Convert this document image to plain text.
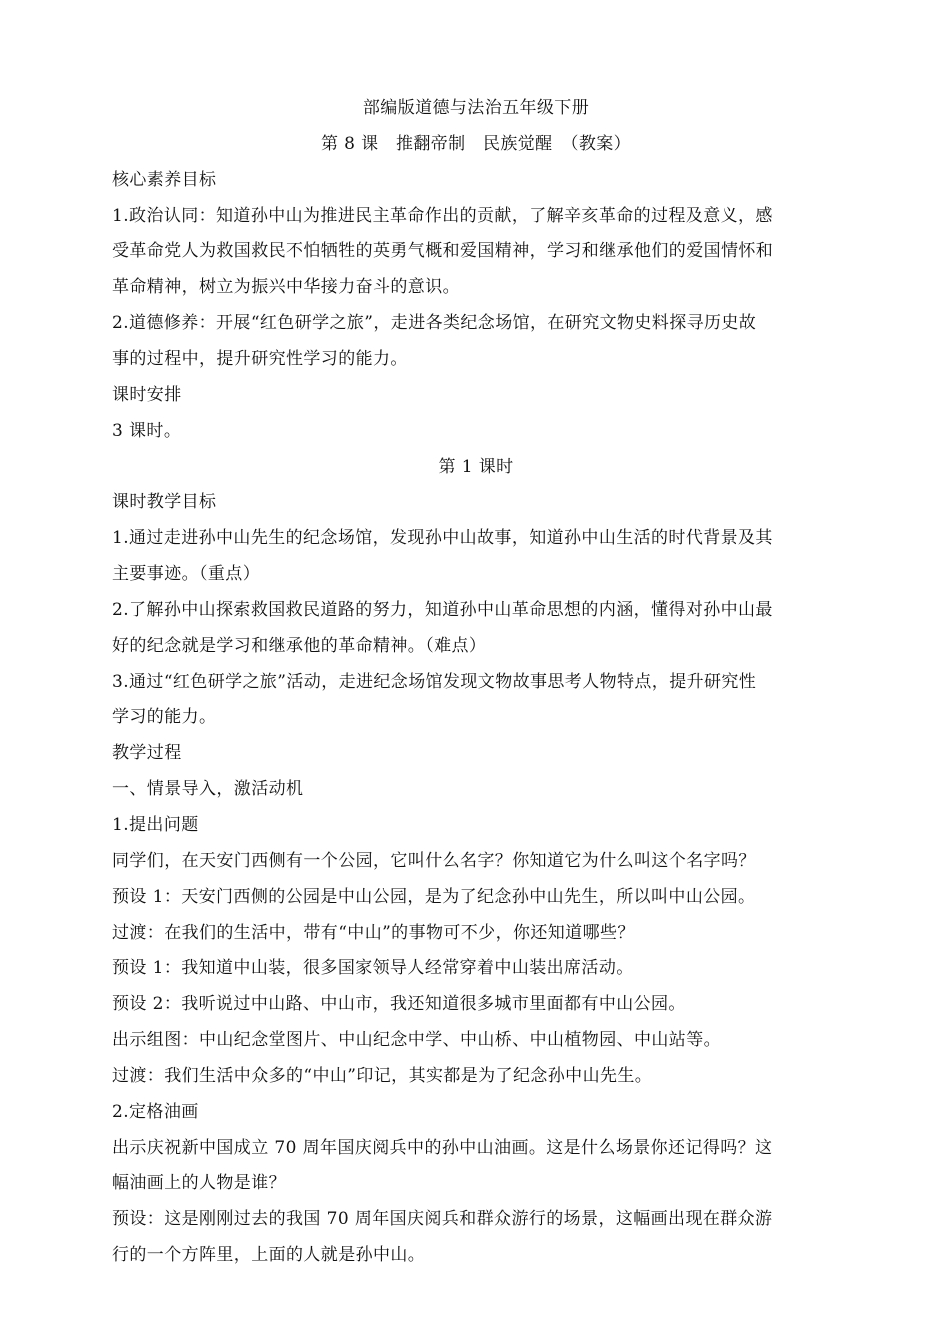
部编版道德与法治五年级下册

第 8 课　推翻帝制　民族觉醒　（教案）

核心素养目标

1.政治认同：知道孙中山为推进民主革命作出的贡献，了解辛亥革命的过程及意义，感

受革命党人为救国救民不怕牺牲的英勇气概和爱国精神，学习和继承他们的爱国情怀和

革命精神，树立为振兴中华接力奋斗的意识。

2.道德修养：开展“红色研学之旅”，走进各类纪念场馆，在研究文物史料探寻历史故

事的过程中，提升研究性学习的能力。

课时安排

3 课时。

第 1 课时

课时教学目标

1.通过走进孙中山先生的纪念场馆，发现孙中山故事，知道孙中山生活的时代背景及其

主要事迹。（重点）

2.了解孙中山探索救国救民道路的努力，知道孙中山革命思想的内涵，懂得对孙中山最

好的纪念就是学习和继承他的革命精神。（难点）

3.通过“红色研学之旅”活动，走进纪念场馆发现文物故事思考人物特点，提升研究性

学习的能力。

教学过程

一、情景导入，激活动机

1.提出问题

同学们，在天安门西侧有一个公园，它叫什么名字？你知道它为什么叫这个名字吗？

预设 1：天安门西侧的公园是中山公园，是为了纪念孙中山先生，所以叫中山公园。

过渡：在我们的生活中，带有“中山”的事物可不少，你还知道哪些？

预设 1：我知道中山装，很多国家领导人经常穿着中山装出席活动。

预设 2：我听说过中山路、中山市，我还知道很多城市里面都有中山公园。

出示组图：中山纪念堂图片、中山纪念中学、中山桥、中山植物园、中山站等。

过渡：我们生活中众多的“中山”印记，其实都是为了纪念孙中山先生。

2.定格油画

出示庆祝新中国成立 70 周年国庆阅兵中的孙中山油画。这是什么场景你还记得吗？这

幅油画上的人物是谁？

预设：这是刚刚过去的我国 70 周年国庆阅兵和群众游行的场景，这幅画出现在群众游

行的一个方阵里，上面的人就是孙中山。
